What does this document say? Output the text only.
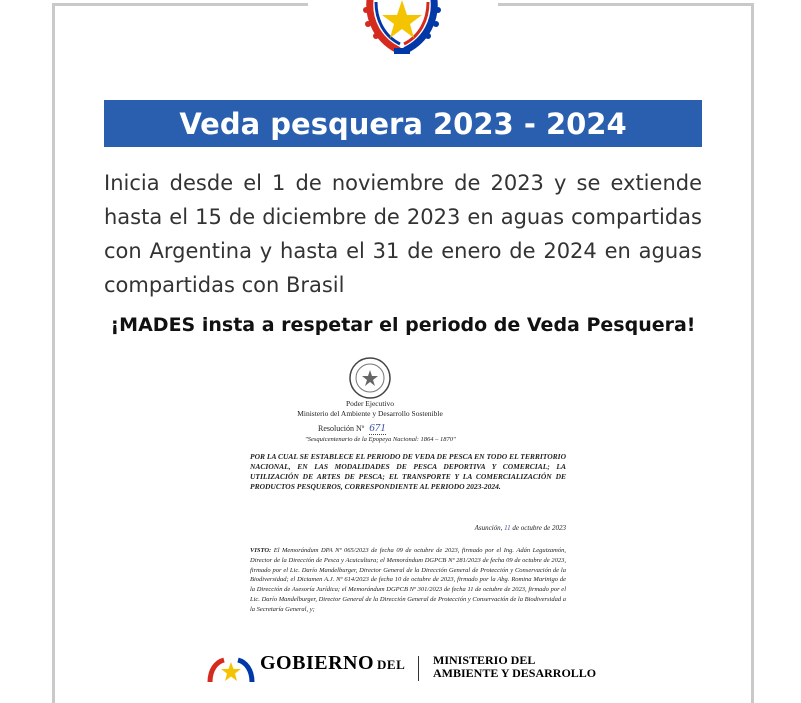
Veda pesquera 2023 - 2024

Inicia desde el 1 de noviembre de 2023 y se extiende hasta el 15 de diciembre de 2023 en aguas compartidas con Argentina y hasta el 31 de enero de 2024 en aguas compartidas con Brasil

¡MADES insta a respetar el periodo de Veda Pesquera!
Poder Ejecutivo
Ministerio del Ambiente y Desarrollo Sostenible
Resolución Nº 671
"Sesquicentenario de la Epopeya Nacional: 1864 – 1870"
POR LA CUAL SE ESTABLECE EL PERIODO DE VEDA DE PESCA EN TODO EL TERRITORIO NACIONAL, EN LAS MODALIDADES DE PESCA DEPORTIVA Y COMERCIAL; LA UTILIZACIÓN DE ARTES DE PESCA; EL TRANSPORTE Y LA COMERCIALIZACIÓN DE PRODUCTOS PESQUEROS, CORRESPONDIENTE AL PERIODO 2023-2024.
Asunción, 11 de octubre de 2023
VISTO: El Memorándum DPA Nº 065/2023 de fecha 09 de octubre de 2023, firmado por el Ing. Adán Leguizamón, Director de la Dirección de Pesca y Acuicultura; el Memorándum DGPCB Nº 281/2023 de fecha 09 de octubre de 2023, firmado por el Lic. Darío Mandelburger, Director General de la Dirección General de Protección y Conservación de la Biodiversidad; el Dictamen A.J. Nº 614/2023 de fecha 10 de octubre de 2023, firmado por la Abg. Romina Marinigo de la Dirección de Asesoría Jurídica; el Memorándum DGPCB Nº 301/2023 de fecha 11 de octubre de 2023, firmado por el Lic. Darío Mandelburger, Director General de la Dirección General de Protección y Conservación de la Biodiversidad a la Secretaría General, y;
GOBIERNO DEL MINISTERIO DEL
AMBIENTE Y DESARROLLO
